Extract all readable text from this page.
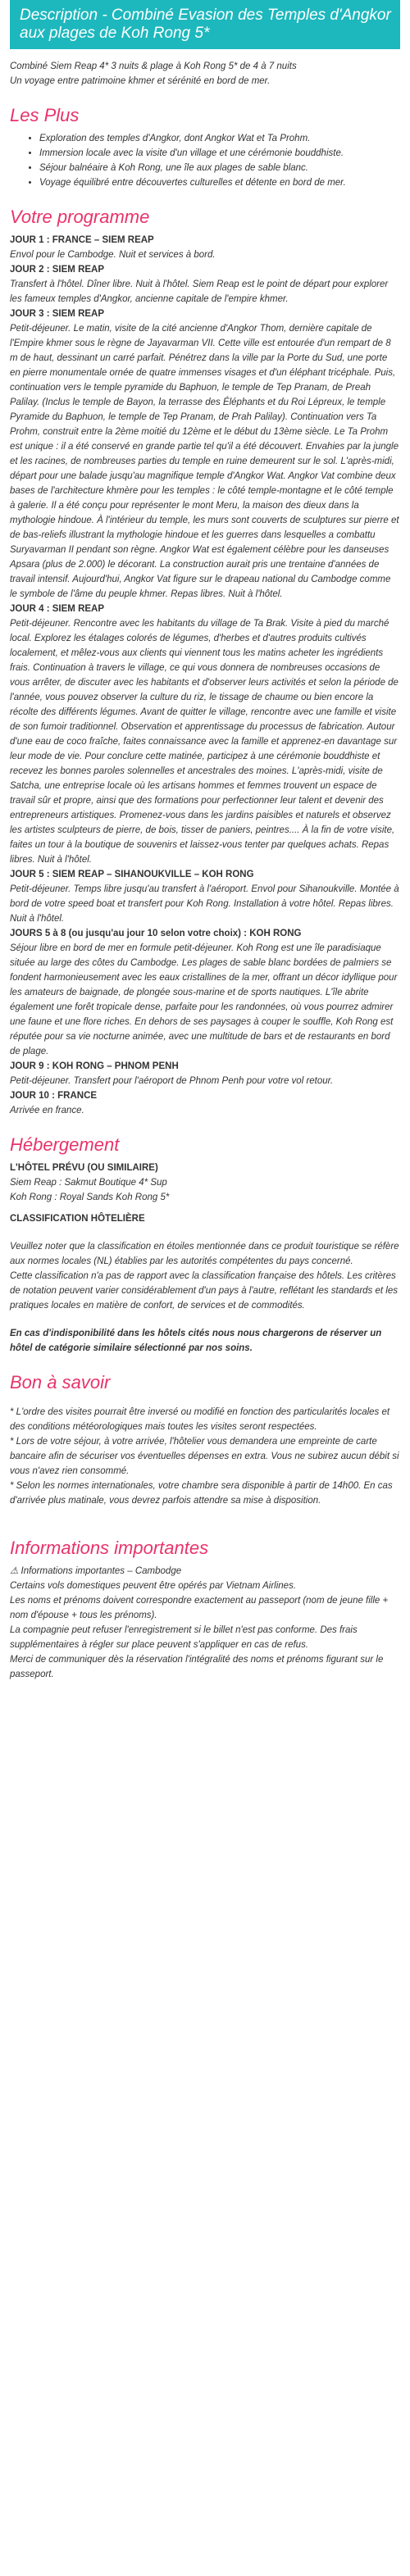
Description - Combiné Evasion des Temples d'Angkor aux plages de Koh Rong 5*

Combiné Siem Reap 4* 3 nuits & plage à Koh Rong 5* de 4 à 7 nuits

Un voyage entre patrimoine khmer et sérénité en bord de mer.

Les Plus
• Exploration des temples d'Angkor, dont Angkor Wat et Ta Prohm.
• Immersion locale avec la visite d'un village et une cérémonie bouddhiste.
• Séjour balnéaire à Koh Rong, une île aux plages de sable blanc.
• Voyage équilibré entre découvertes culturelles et détente en bord de mer.
Votre programme

JOUR 1 : FRANCE – SIEM REAP

Envol pour le Cambodge. Nuit et services à bord.

JOUR 2 : SIEM REAP

Transfert à l'hôtel. Dîner libre. Nuit à l'hôtel. Siem Reap est le point de départ pour explorer les fameux temples d'Angkor, ancienne capitale de l'empire khmer.

JOUR 3 : SIEM REAP

Petit-déjeuner. Le matin, visite de la cité ancienne d'Angkor Thom, dernière capitale de l'Empire khmer sous le règne de Jayavarman VII. Cette ville est entourée d'un rempart de 8 m de haut, dessinant un carré parfait. Pénétrez dans la ville par la Porte du Sud, une porte en pierre monumentale ornée de quatre immenses visages et d'un éléphant tricéphale. Puis, continuation vers le temple pyramide du Baphuon, le temple de Tep Pranam, de Preah Palilay. (Inclus le temple de Bayon, la terrasse des Éléphants et du Roi Lépreux, le temple Pyramide du Baphuon, le temple de Tep Pranam, de Prah Palilay). Continuation vers Ta Prohm, construit entre la 2ème moitié du 12ème et le début du 13ème siècle. Le Ta Prohm est unique : il a été conservé en grande partie tel qu'il a été découvert. Envahies par la jungle et les racines, de nombreuses parties du temple en ruine demeurent sur le sol. L'après-midi, départ pour une balade jusqu'au magnifique temple d'Angkor Wat. Angkor Vat combine deux bases de l'architecture khmère pour les temples : le côté temple-montagne et le côté temple à galerie. Il a été conçu pour représenter le mont Meru, la maison des dieux dans la mythologie hindoue. À l'intérieur du temple, les murs sont couverts de sculptures sur pierre et de bas-reliefs illustrant la mythologie hindoue et les guerres dans lesquelles a combattu Suryavarman II pendant son règne. Angkor Wat est également célèbre pour les danseuses Apsara (plus de 2.000) le décorant. La construction aurait pris une trentaine d'années de travail intensif. Aujourd'hui, Angkor Vat figure sur le drapeau national du Cambodge comme le symbole de l'âme du peuple khmer. Repas libres. Nuit à l'hôtel.

JOUR 4 : SIEM REAP

Petit-déjeuner. Rencontre avec les habitants du village de Ta Brak. Visite à pied du marché local. Explorez les étalages colorés de légumes, d'herbes et d'autres produits cultivés localement, et mêlez-vous aux clients qui viennent tous les matins acheter les ingrédients frais. Continuation à travers le village, ce qui vous donnera de nombreuses occasions de vous arrêter, de discuter avec les habitants et d'observer leurs activités et selon la période de l'année, vous pouvez observer la culture du riz, le tissage de chaume ou bien encore la récolte des différents légumes. Avant de quitter le village, rencontre avec une famille et visite de son fumoir traditionnel. Observation et apprentissage du processus de fabrication. Autour d'une eau de coco fraîche, faites connaissance avec la famille et apprenez-en davantage sur leur mode de vie. Pour conclure cette matinée, participez à une cérémonie bouddhiste et recevez les bonnes paroles solennelles et ancestrales des moines. L'après-midi, visite de Satcha, une entreprise locale où les artisans hommes et femmes trouvent un espace de travail sûr et propre, ainsi que des formations pour perfectionner leur talent et devenir des entrepreneurs artistiques. Promenez-vous dans les jardins paisibles et naturels et observez les artistes sculpteurs de pierre, de bois, tisser de paniers, peintres.... À la fin de votre visite, faites un tour à la boutique de souvenirs et laissez-vous tenter par quelques achats. Repas libres. Nuit à l'hôtel.

JOUR 5 : SIEM REAP – SIHANOUKVILLE – KOH RONG

Petit-déjeuner. Temps libre jusqu'au transfert à l'aéroport. Envol pour Sihanoukville. Montée à bord de votre speed boat et transfert pour Koh Rong. Installation à votre hôtel. Repas libres. Nuit à l'hôtel.

JOURS 5 à 8 (ou jusqu'au jour 10 selon votre choix) : KOH RONG

Séjour libre en bord de mer en formule petit-déjeuner. Koh Rong est une île paradisiaque située au large des côtes du Cambodge. Les plages de sable blanc bordées de palmiers se fondent harmonieusement avec les eaux cristallines de la mer, offrant un décor idyllique pour les amateurs de baignade, de plongée sous-marine et de sports nautiques. L'île abrite également une forêt tropicale dense, parfaite pour les randonnées, où vous pourrez admirer une faune et une flore riches. En dehors de ses paysages à couper le souffle, Koh Rong est réputée pour sa vie nocturne animée, avec une multitude de bars et de restaurants en bord de plage.

JOUR 9 : KOH RONG – PHNOM PENH

Petit-déjeuner. Transfert pour l'aéroport de Phnom Penh pour votre vol retour.

JOUR 10 : FRANCE

Arrivée en france.

Hébergement

L'HÔTEL PRÉVU (OU SIMILAIRE)

Siem Reap : Sakmut Boutique 4* Sup

Koh Rong : Royal Sands Koh Rong 5*

CLASSIFICATION HÔTELIÈRE

Veuillez noter que la classification en étoiles mentionnée dans ce produit touristique se réfère aux normes locales (NL) établies par les autorités compétentes du pays concerné.

Cette classification n'a pas de rapport avec la classification française des hôtels. Les critères de notation peuvent varier considérablement d'un pays à l'autre, reflétant les standards et les pratiques locales en matière de confort, de services et de commodités.

En cas d'indisponibilité dans les hôtels cités nous nous chargerons de réserver un hôtel de catégorie similaire sélectionné par nos soins.

Bon à savoir

* L'ordre des visites pourrait être inversé ou modifié en fonction des particularités locales et des conditions météorologiques mais toutes les visites seront respectées.

* Lors de votre séjour, à votre arrivée, l'hôtelier vous demandera une empreinte de carte bancaire afin de sécuriser vos éventuelles dépenses en extra. Vous ne subirez aucun débit si vous n'avez rien consommé.

* Selon les normes internationales, votre chambre sera disponible à partir de 14h00. En cas d'arrivée plus matinale, vous devrez parfois attendre sa mise à disposition.

Informations importantes

⚠ Informations importantes – Cambodge

Certains vols domestiques peuvent être opérés par Vietnam Airlines.

Les noms et prénoms doivent correspondre exactement au passeport (nom de jeune fille + nom d'épouse + tous les prénoms).

La compagnie peut refuser l'enregistrement si le billet n'est pas conforme. Des frais supplémentaires à régler sur place peuvent s'appliquer en cas de refus.

Merci de communiquer dès la réservation l'intégralité des noms et prénoms figurant sur le passeport.
